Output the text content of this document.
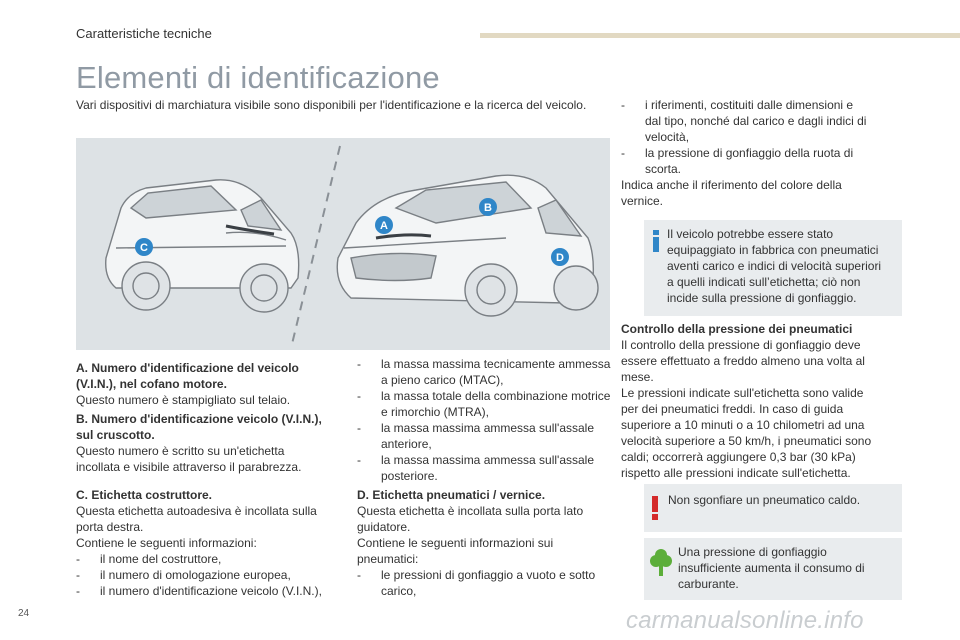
Caratteristiche tecniche
Elementi di identificazione
Vari dispositivi di marchiatura visibile sono disponibili per l'identificazione e la ricerca del veicolo.
A
B
C
D
A. Numero d'identificazione del veicolo
(V.I.N.), nel cofano motore.
Questo numero è stampigliato sul telaio.
B. Numero d'identificazione veicolo (V.I.N.),
sul cruscotto.
Questo numero è scritto su un'etichetta
incollata e visibile attraverso il parabrezza.
C. Etichetta costruttore.
Questa etichetta autoadesiva è incollata sulla
porta destra.
Contiene le seguenti informazioni:
-	il nome del costruttore,
-	il numero di omologazione europea,
-	il numero d'identificazione veicolo (V.I.N.),
-	la massa massima tecnicamente ammessa
a pieno carico (MTAC),
-	la massa totale della combinazione motrice
e rimorchio (MTRA),
-	la massa massima ammessa sull'assale
anteriore,
-	la massa massima ammessa sull'assale
posteriore.
D. Etichetta pneumatici / vernice.
Questa etichetta è incollata sulla porta lato
guidatore.
Contiene le seguenti informazioni sui
pneumatici:
-	le pressioni di gonfiaggio a vuoto e sotto
carico,
-	i riferimenti, costituiti dalle dimensioni e
dal tipo, nonché dal carico e dagli indici di
velocità,
-	la pressione di gonfiaggio della ruota di
scorta.
Indica anche il riferimento del colore della
vernice.
Il veicolo potrebbe essere stato
equipaggiato in fabbrica con pneumatici
aventi carico e indici di velocità superiori
a quelli indicati sull’etichetta; ciò non
incide sulla pressione di gonfiaggio.
Controllo della pressione dei pneumatici
Il controllo della pressione di gonfiaggio deve
essere effettuato a freddo almeno una volta al
mese.
Le pressioni indicate sull'etichetta sono valide
per dei pneumatici freddi. In caso di guida
superiore a 10 minuti o a 10 chilometri ad una
velocità superiore a 50 km/h, i pneumatici sono
caldi; occorrerà aggiungere 0,3 bar (30 kPa)
rispetto alle pressioni indicate sull'etichetta.
Non sgonfiare un pneumatico caldo.
Una pressione di gonfiaggio
insufficiente aumenta il consumo di
carburante.
24	carmanualsonline.info
